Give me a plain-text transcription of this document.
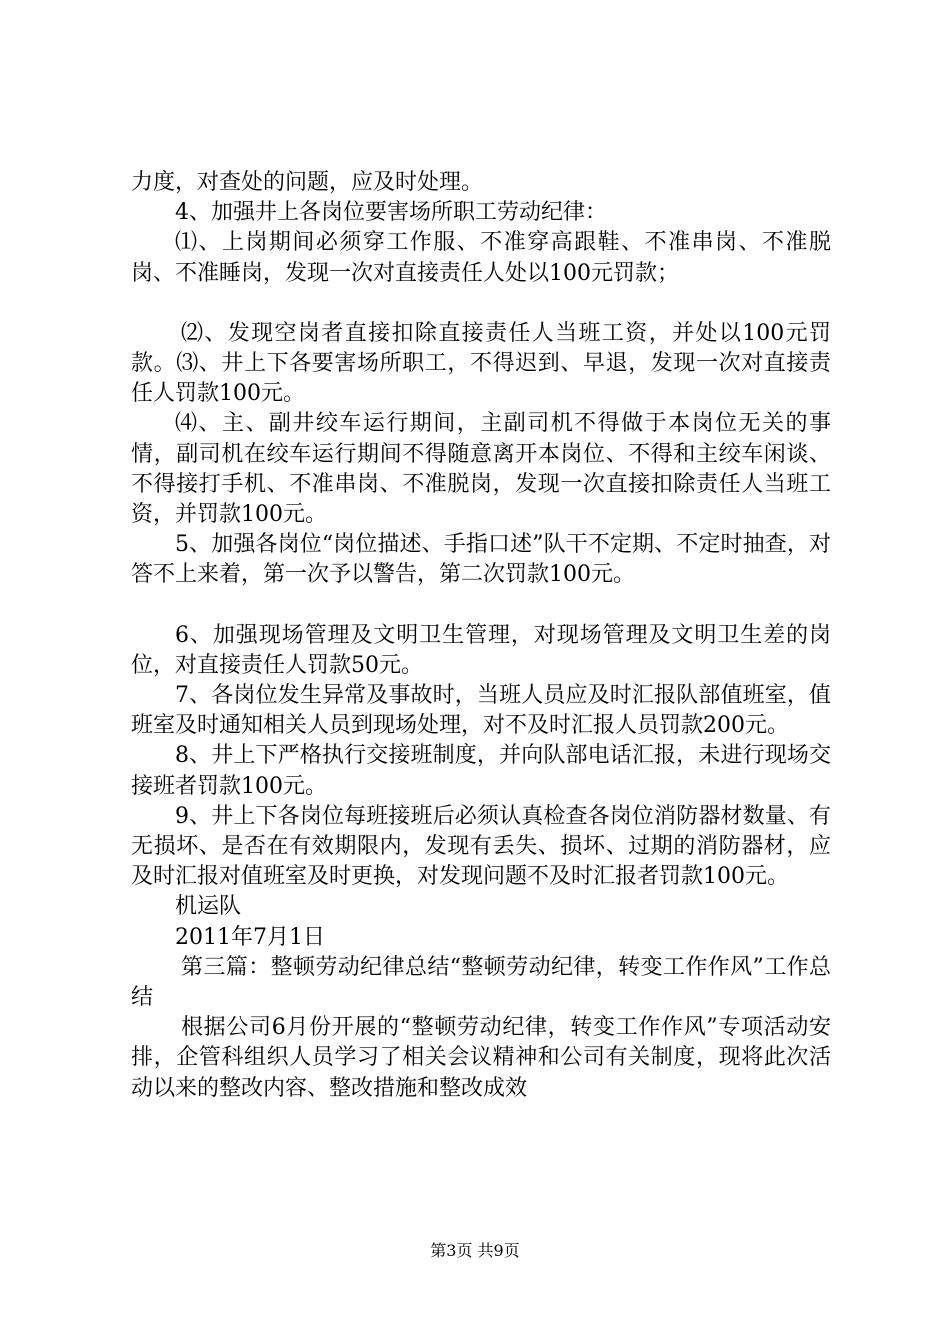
力度，对查处的问题，应及时处理。

4、加强井上各岗位要害场所职工劳动纪律：

⑴、上岗期间必须穿工作服、不准穿高跟鞋、不准串岗、不准脱岗、不准睡岗，发现一次对直接责任人处以100元罚款；

⑵、发现空岗者直接扣除直接责任人当班工资，并处以100元罚款。⑶、井上下各要害场所职工，不得迟到、早退，发现一次对直接责任人罚款100元。

⑷、主、副井绞车运行期间，主副司机不得做于本岗位无关的事情，副司机在绞车运行期间不得随意离开本岗位、不得和主绞车闲谈、不得接打手机、不准串岗、不准脱岗，发现一次直接扣除责任人当班工资，并罚款100元。

5、加强各岗位“岗位描述、手指口述”队干不定期、不定时抽查，对答不上来着，第一次予以警告，第二次罚款100元。

6、加强现场管理及文明卫生管理，对现场管理及文明卫生差的岗位，对直接责任人罚款50元。

7、各岗位发生异常及事故时，当班人员应及时汇报队部值班室，值班室及时通知相关人员到现场处理，对不及时汇报人员罚款200元。

8、井上下严格执行交接班制度，并向队部电话汇报，未进行现场交接班者罚款100元。

9、井上下各岗位每班接班后必须认真检查各岗位消防器材数量、有无损坏、是否在有效期限内，发现有丢失、损坏、过期的消防器材，应及时汇报对值班室及时更换，对发现问题不及时汇报者罚款100元。

机运队

2011年7月1日

第三篇：整顿劳动纪律总结“整顿劳动纪律，转变工作作风”工作总结

根据公司6月份开展的“整顿劳动纪律，转变工作作风”专项活动安排，企管科组织人员学习了相关会议精神和公司有关制度，现将此次活动以来的整改内容、整改措施和整改成效

第3页 共9页
